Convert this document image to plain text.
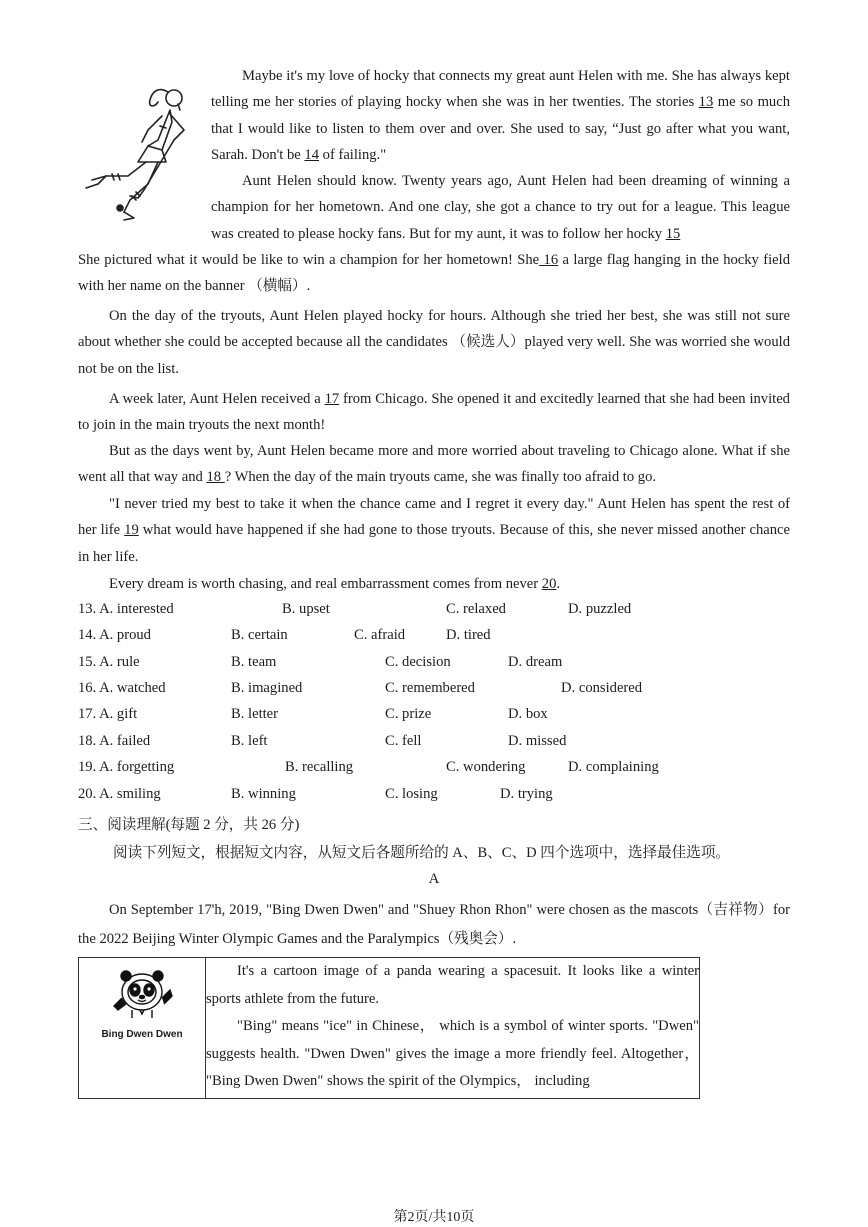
Maybe it's my love of hocky that connects my great aunt Helen with me. She has always kept telling me her stories of playing hocky when she was in her twenties. The stories 13 me so much that I would like to listen to them over and over. She used to say, “Just go after what you want, Sarah. Don't be 14 of failing."

Aunt Helen should know. Twenty years ago, Aunt Helen had been dreaming of winning a champion for her hometown. And one clay, she got a chance to try out for a league. This league was created to please hocky fans. But for my aunt, it was to follow her hocky 15

She pictured what it would be like to win a champion for her hometown! She 16 a large flag hanging in the hocky field with her name on the banner （横幅）.

On the day of the tryouts, Aunt Helen played hocky for hours. Although she tried her best, she was still not sure about whether she could be accepted because all the candidates （候选人）played very well. She was worried she would not be on the list.

A week later, Aunt Helen received a 17 from Chicago. She opened it and excitedly learned that she had been invited to join in the main tryouts the next month!

But as the days went by, Aunt Helen became more and more worried about traveling to Chicago alone. What if she went all that way and 18 ? When the day of the main tryouts came, she was finally too afraid to go.

"I never tried my best to take it when the chance came and I regret it every day." Aunt Helen has spent the rest of her life 19 what would have happened if she had gone to those tryouts. Because of this, she never missed another chance in her life.

Every dream is worth chasing, and real embarrassment comes from never 20.

13. A. interested	B. upset	C. relaxed	D. puzzled
14. A. proud	B. certain	C. afraid	D. tired
15. A. rule	B. team	C. decision	D. dream
16. A. watched	B. imagined	C. remembered	D. considered
17. A. gift	B. letter	C. prize	D. box
18. A. failed	B. left	C. fell	D. missed
19. A. forgetting	B. recalling	C. wondering	D. complaining
20. A. smiling	B. winning	C. losing	D. trying
三、阅读理解(每题 2 分，共 26 分)
阅读下列短文，根据短文内容，从短文后各题所给的 A、B、C、D 四个选项中，选择最佳选项。
A

On September 17'h, 2019, "Bing Dwen Dwen" and "Shuey Rhon Rhon" were chosen as the mascots（吉祥物）for the 2022 Beijing Winter Olympic Games and the Paralympics（残奥会）.

Bing Dwen Dwen

It's a cartoon image of a panda wearing a spacesuit. It looks like a winter sports athlete from the future.
"Bing" means "ice" in Chinese， which is a symbol of winter sports. "Dwen" suggests health. "Dwen Dwen" gives the image a more friendly feel. Altogether， "Bing Dwen Dwen" shows the spirit of the Olympics， including
第2页/共10页
